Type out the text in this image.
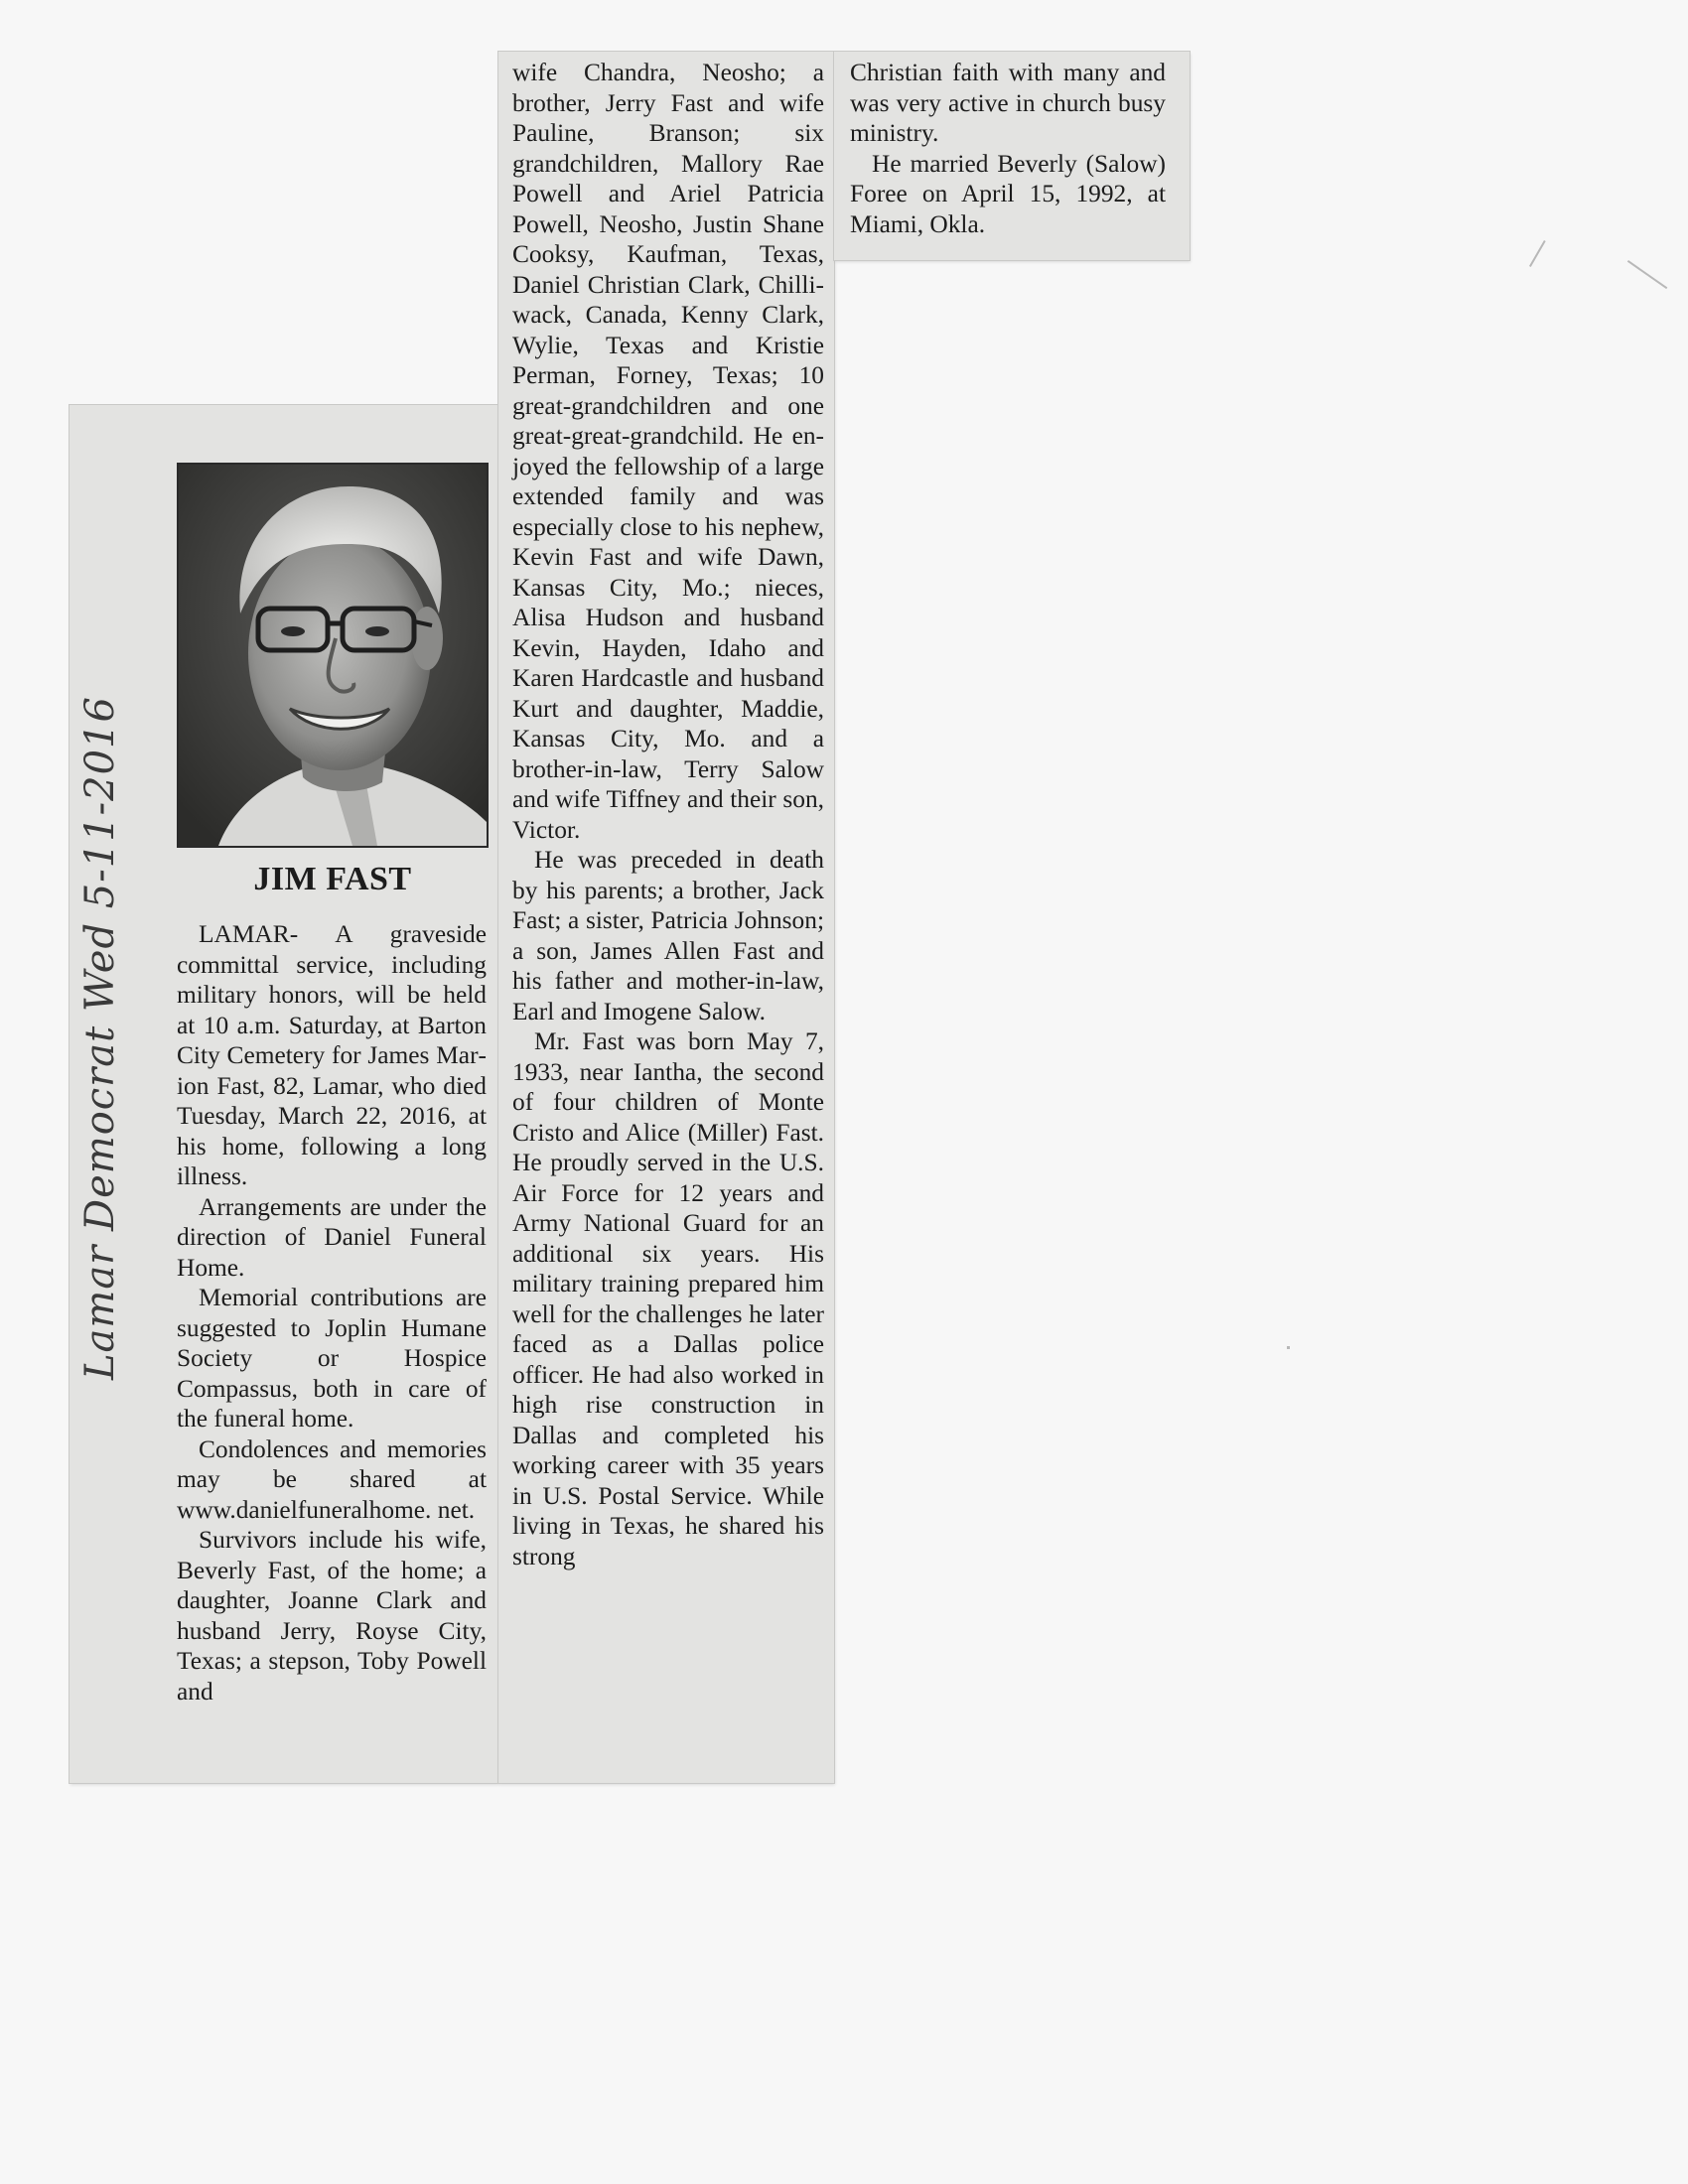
JIM FAST

LAMAR- A graveside committal service, including military honors, will be held at 10 a.m. Saturday, at Barton City Cemetery for James Marion Fast, 82, Lamar, who died Tuesday, March 22, 2016, at his home, following a long illness.

Arrangements are under the direction of Daniel Funeral Home.

Memorial contributions are suggested to Joplin Humane Society or Hospice Compassus, both in care of the funeral home.

Condolences and memories may be shared at www.danielfuneralhome. net.

Survivors include his wife, Beverly Fast, of the home; a daughter, Joanne Clark and husband Jerry, Royse City, Texas; a stepson, Toby Powell and

wife Chandra, Neosho; a brother, Jerry Fast and wife Pauline, Branson; six grandchildren, Mallory Rae Powell and Ariel Patricia Powell, Neosho, Justin Shane Cooksy, Kaufman, Texas, Daniel Christian Clark, Chilliwack, Canada, Kenny Clark, Wylie, Texas and Kristie Perman, Forney, Texas; 10 great-grandchildren and one great-great-grandchild. He enjoyed the fellowship of a large extended family and was especially close to his nephew, Kevin Fast and wife Dawn, Kansas City, Mo.; nieces, Alisa Hudson and husband Kevin, Hayden, Idaho and Karen Hardcastle and husband Kurt and daughter, Maddie, Kansas City, Mo. and a brother-in-law, Terry Salow and wife Tiffney and their son, Victor.

He was preceded in death by his parents; a brother, Jack Fast; a sister, Patricia Johnson; a son, James Allen Fast and his father and mother-in-law, Earl and Imogene Salow.

Mr. Fast was born May 7, 1933, near Iantha, the second of four children of Monte Cristo and Alice (Miller) Fast. He proudly served in the U.S. Air Force for 12 years and Army National Guard for an additional six years. His military training prepared him well for the challenges he later faced as a Dallas police officer. He had also worked in high rise construction in Dallas and completed his working career with 35 years in U.S. Postal Service. While living in Texas, he shared his strong

Christian faith with many and was very active in church busy ministry.

He married Beverly (Salow) Foree on April 15, 1992, at Miami, Okla.

Lamar Democrat Wed 5-11-2016
